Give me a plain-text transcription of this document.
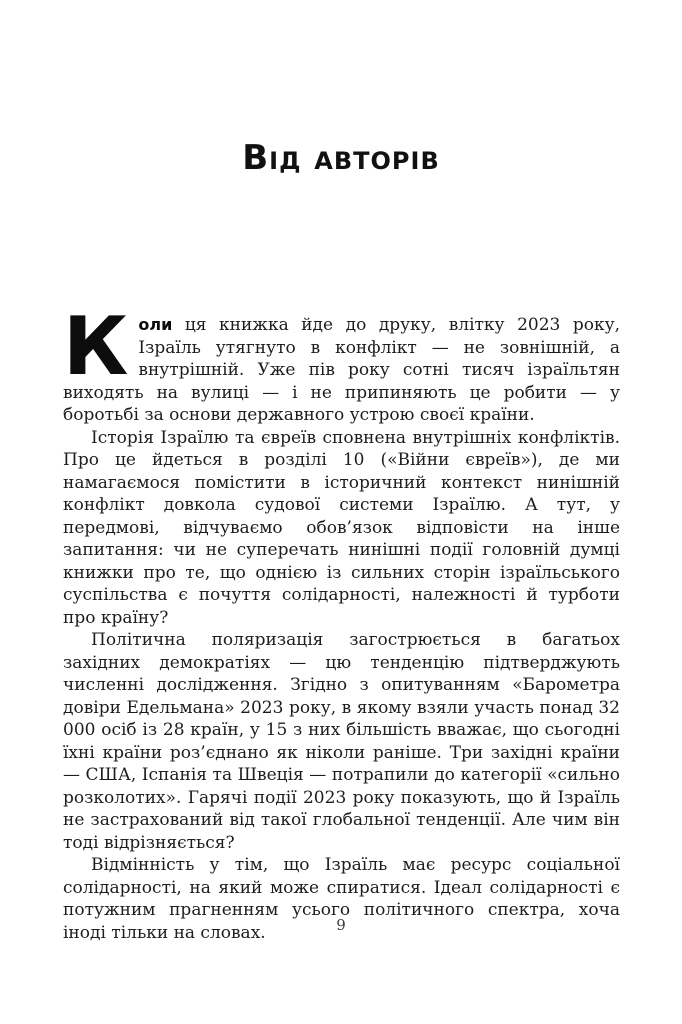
Від авторів

К оли ця книжка йде до друку, влітку 2023 року, Ізраїль утягнуто в конфлікт — не зовнішній, а внутрішній. Уже пів року сотні тисяч ізраїльтян виходять на вулиці — і не припиняють це робити — у боротьбі за основи державного устрою своєї країни.

Історія Ізраїлю та євреїв сповнена внутрішніх конфліктів. Про це йдеться в розділі 10 («Війни євреїв»), де ми намагаємося помістити в історичний контекст нинішній конфлікт довкола судової системи Ізраїлю. А тут, у передмові, відчуваємо обов’язок відповісти на інше запитання: чи не суперечать нинішні події головній думці книжки про те, що однією із сильних сторін ізраїльського суспільства є почуття солідарності, належності й турботи про країну?

Політична поляризація загострюється в багатьох західних демократіях — цю тенденцію підтверджують численні дослідження. Згідно з опитуванням «Барометра довіри Едельмана» 2023 року, в якому взяли участь понад 32 000 осіб із 28 країн, у 15 з них більшість вважає, що сьогодні їхні країни роз’єднано як ніколи раніше. Три західні країни — США, Іспанія та Швеція — потрапили до категорії «сильно розколотих». Гарячі події 2023 року показують, що й Ізраїль не застрахований від такої глобальної тенденції. Але чим він тоді відрізняється?

Відмінність у тім, що Ізраїль має ресурс соціальної солідарності, на який може спиратися. Ідеал солідарності є потужним прагненням усього політичного спектра, хоча іноді тільки на словах.	9
